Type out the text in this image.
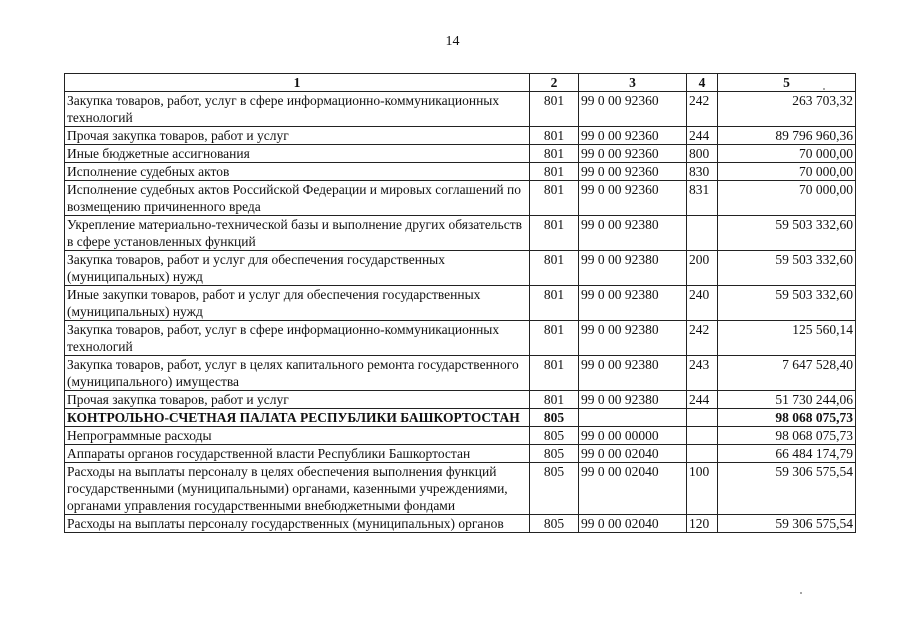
14
1	2	3	4	5
Закупка товаров, работ, услуг в сфере информационно-коммуникационных технологий	801	99 0 00 92360	242	263 703,32
Прочая закупка товаров, работ и услуг	801	99 0 00 92360	244	89 796 960,36
Иные бюджетные ассигнования	801	99 0 00 92360	800	70 000,00
Исполнение судебных актов	801	99 0 00 92360	830	70 000,00
Исполнение судебных актов Российской Федерации и мировых соглашений по возмещению причиненного вреда	801	99 0 00 92360	831	70 000,00
Укрепление материально-технической базы и выполнение других обязательств в сфере установленных функций	801	99 0 00 92380		59 503 332,60
Закупка товаров, работ и услуг для обеспечения государственных (муниципальных) нужд	801	99 0 00 92380	200	59 503 332,60
Иные закупки товаров, работ и услуг для обеспечения государственных (муниципальных) нужд	801	99 0 00 92380	240	59 503 332,60
Закупка товаров, работ, услуг в сфере информационно-коммуникационных технологий	801	99 0 00 92380	242	125 560,14
Закупка товаров, работ, услуг в целях капитального ремонта государственного (муниципального) имущества	801	99 0 00 92380	243	7 647 528,40
Прочая закупка товаров, работ и услуг	801	99 0 00 92380	244	51 730 244,06
КОНТРОЛЬНО-СЧЕТНАЯ ПАЛАТА РЕСПУБЛИКИ БАШКОРТОСТАН	805			98 068 075,73
Непрограммные расходы	805	99 0 00 00000		98 068 075,73
Аппараты органов государственной власти Республики Башкортостан	805	99 0 00 02040		66 484 174,79
Расходы на выплаты персоналу в целях обеспечения выполнения функций государственными (муниципальными) органами, казенными учреждениями, органами управления государственными внебюджетными фондами	805	99 0 00 02040	100	59 306 575,54
Расходы на выплаты персоналу государственных (муниципальных) органов	805	99 0 00 02040	120	59 306 575,54
